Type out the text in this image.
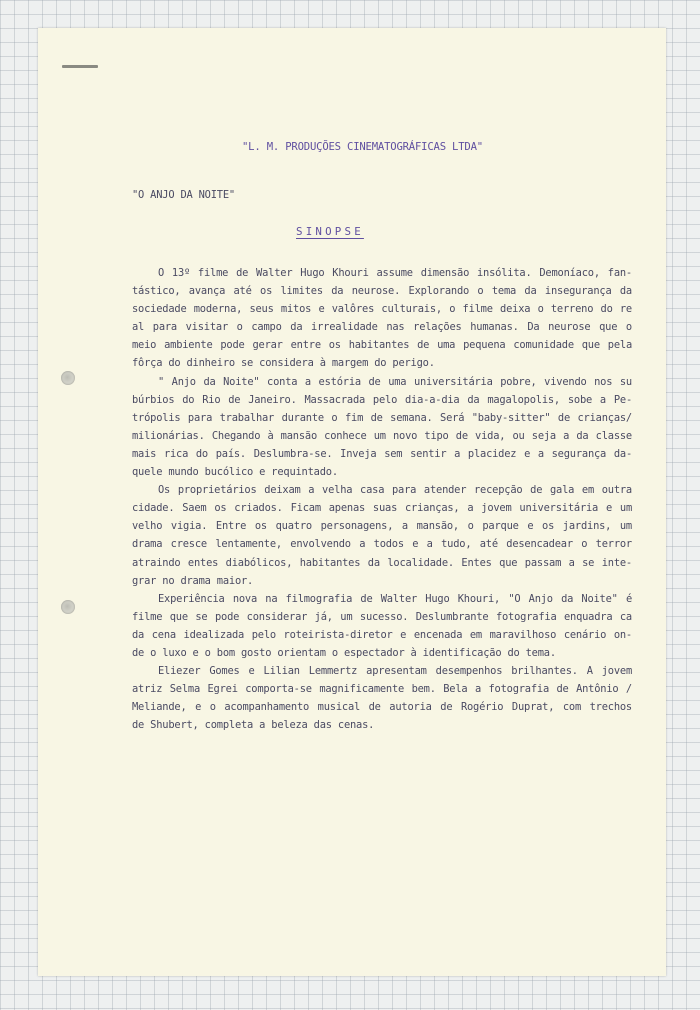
"L. M. PRODUÇÕES CINEMATOGRÁFICAS LTDA"
"O ANJO DA NOITE"
SINOPSE
O 13º filme de Walter Hugo Khouri assume dimensão insólita. Demoníaco, fan-
tástico, avança até os limites da neurose. Explorando o tema da insegurança da
sociedade moderna, seus mitos e valôres culturais, o filme deixa o terreno do re
al para visitar o campo da irrealidade nas relações humanas. Da neurose que o
meio ambiente pode gerar entre os habitantes de uma pequena comunidade que pela
fôrça do dinheiro se considera à margem do perigo.
" Anjo da Noite" conta a estória de uma universitária pobre, vivendo nos su
búrbios do Rio de Janeiro. Massacrada pelo dia-a-dia da magalopolis, sobe a Pe-
trópolis para trabalhar durante o fim de semana. Será "baby-sitter" de crianças/
milionárias. Chegando à mansão conhece um novo tipo de vida, ou seja a da classe
mais rica do país. Deslumbra-se. Inveja sem sentir a placidez e a segurança da-
quele mundo bucólico e requintado.
Os proprietários deixam a velha casa para atender recepção de gala em outra
cidade. Saem os criados. Ficam apenas suas crianças, a jovem universitária e um
velho vigia. Entre os quatro personagens, a mansão, o parque e os jardins, um
drama cresce lentamente, envolvendo a todos e a tudo, até desencadear o terror
atraindo entes diabólicos, habitantes da localidade. Entes que passam a se inte-
grar no drama maior.
Experiência nova na filmografia de Walter Hugo Khouri, "O Anjo da Noite" é
filme que se pode considerar já, um sucesso. Deslumbrante fotografia enquadra ca
da cena idealizada pelo roteirista-diretor e encenada em maravilhoso cenário on-
de o luxo e o bom gosto orientam o espectador à identificação do tema.
Eliezer Gomes e Lilian Lemmertz apresentam desempenhos brilhantes. A jovem
atriz Selma Egrei comporta-se magnificamente bem. Bela a fotografia de Antônio /
Meliande, e o acompanhamento musical de autoria de Rogério Duprat, com trechos
de Shubert, completa a beleza das cenas.
